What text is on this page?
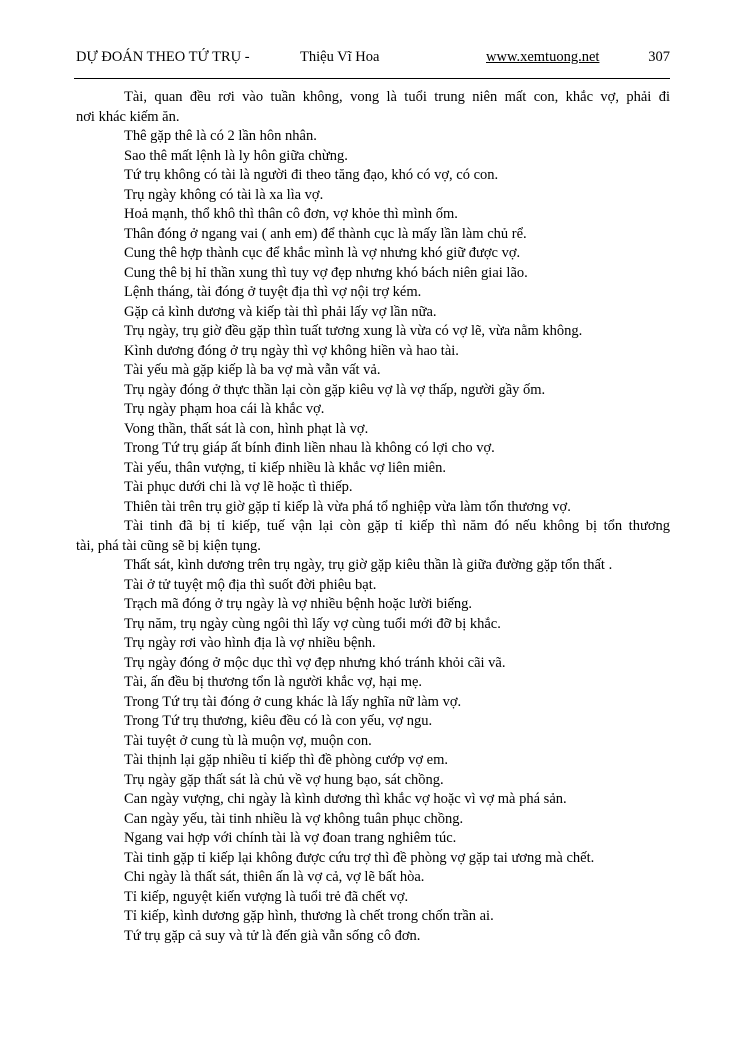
DỰ ĐOÁN THEO TỨ TRỤ -	Thiệu Vĩ Hoa	www.xemtuong.net	307
Tài, quan đều rơi vào tuần không, vong là tuổi trung niên mất con, khắc vợ, phải đi
nơi khác kiếm ăn.
Thê gặp thê là có 2 lần hôn nhân.
Sao thê mất lệnh là ly hôn giữa chừng.
Tứ trụ không có tài là người đi theo tăng đạo, khó có vợ, có con.
Trụ ngày không có tài là xa lìa vợ.
Hoả mạnh, thổ khô thì thân cô đơn, vợ khỏe thì mình ốm.
Thân đóng ở ngang vai ( anh em) để thành cục là mấy lần làm chủ rể.
Cung thê hợp thành cục để khắc mình là vợ nhưng khó giữ được vợ.
Cung thê bị hỉ thần xung thì tuy vợ đẹp nhưng khó bách niên giai lão.
Lệnh tháng, tài đóng ở tuyệt địa thì vợ nội trợ kém.
Gặp cả kình dương và kiếp tài thì phải lấy vợ lần nữa.
Trụ ngày, trụ giờ đều gặp thìn tuất tương xung là vừa có vợ lẽ, vừa nằm không.
Kình dương đóng ở trụ ngày thì vợ không hiền và hao tài.
Tài yếu mà gặp kiếp là ba vợ mà vẫn vất vả.
Trụ ngày đóng ở thực thần lại còn gặp kiêu vợ là vợ thấp, người gầy ốm.
Trụ ngày phạm hoa cái là khắc vợ.
Vong thần, thất sát là con, hình phạt là vợ.
Trong Tứ trụ giáp ất bính đinh liền nhau là không có lợi cho vợ.
Tài yếu, thân vượng, tỉ kiếp nhiều là khắc vợ liên miên.
Tài phục dưới chi là vợ lẽ hoặc tì thiếp.
Thiên tài trên trụ giờ gặp tỉ kiếp là vừa phá tổ nghiệp vừa làm tổn thương vợ.
Tài tinh đã bị tỉ kiếp, tuế vận lại còn gặp tỉ kiếp thì năm đó nếu không bị tổn thương
tài, phá tài cũng sẽ bị kiện tụng.
Thất sát, kình dương trên trụ ngày, trụ giờ gặp kiêu thần là giữa đường gặp tổn thất .
Tài ở tử tuyệt mộ địa thì suốt đời phiêu bạt.
Trạch mã đóng ở trụ ngày là vợ nhiều bệnh hoặc lười biếng.
Trụ năm, trụ ngày cùng ngôi thì lấy vợ cùng tuổi mới đỡ bị khắc.
Trụ ngày rơi vào hình địa là vợ nhiều bệnh.
Trụ ngày đóng ở mộc dục thì vợ đẹp nhưng khó tránh khỏi cãi vã.
Tài, ấn đều bị thương tổn là người khắc vợ, hại mẹ.
Trong Tứ trụ tài đóng ở cung khác là lấy nghĩa nữ làm vợ.
Trong Tứ trụ thương, kiêu đều có là con yếu, vợ ngu.
Tài tuyệt ở cung tù là muộn vợ, muộn con.
Tài thịnh lại gặp nhiều tỉ kiếp thì đề phòng cướp vợ em.
Trụ ngày gặp thất sát là chủ về vợ hung bạo, sát chồng.
Can ngày vượng, chi ngày là kình dương thì khắc vợ hoặc vì vợ mà phá sản.
Can ngày yếu, tài tinh nhiều là vợ không tuân phục chồng.
Ngang vai hợp với chính tài là vợ đoan trang nghiêm túc.
Tài tinh gặp tỉ kiếp lại không được cứu trợ thì đề phòng vợ gặp tai ương mà chết.
Chi ngày là thất sát, thiên ấn là vợ cả, vợ lẽ bất hòa.
Tỉ kiếp, nguyệt kiến vượng là tuổi trẻ đã chết vợ.
Tỉ kiếp, kình dương gặp hình, thương là chết trong chốn trần ai.
Tứ trụ gặp cả suy và tử là đến già vẫn sống cô đơn.
